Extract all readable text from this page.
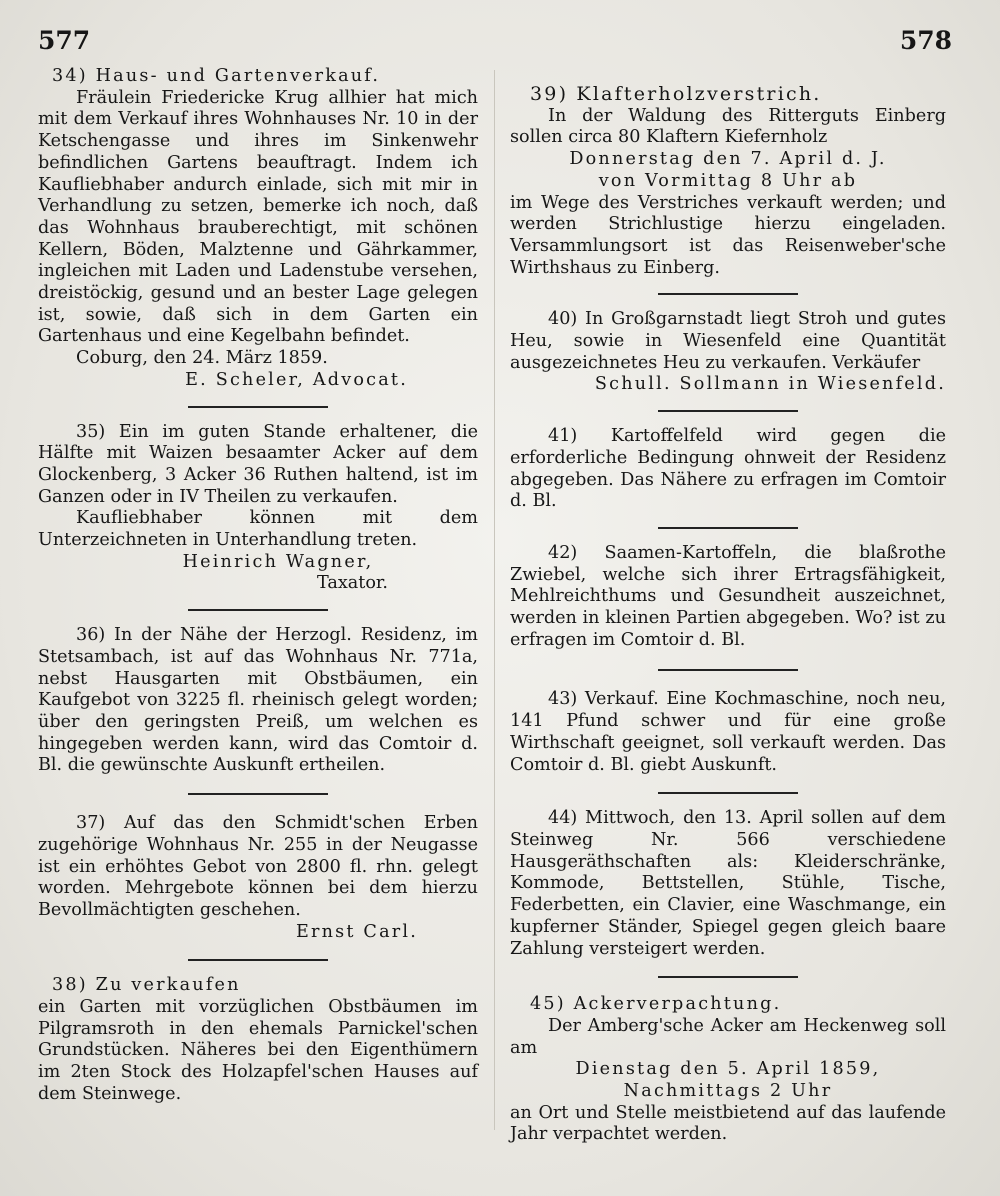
577	578

34) Haus- und Gartenverkauf.

Fräulein Friedericke Krug allhier hat mich mit dem Verkauf ihres Wohnhauses Nr. 10 in der Ketschengasse und ihres im Sinkenwehr befindlichen Gartens beauftragt. Indem ich Kaufliebhaber andurch einlade, sich mit mir in Verhandlung zu setzen, bemerke ich noch, daß das Wohnhaus brauberechtigt, mit schönen Kellern, Böden, Malztenne und Gährkammer, ingleichen mit Laden und Ladenstube versehen, dreistöckig, gesund und an bester Lage gelegen ist, sowie, daß sich in dem Garten ein Gartenhaus und eine Kegelbahn befindet.

Coburg, den 24. März 1859.

E. Scheler, Advocat.

35) Ein im guten Stande erhaltener, die Hälfte mit Waizen besaamter Acker auf dem Glockenberg, 3 Acker 36 Ruthen haltend, ist im Ganzen oder in IV Theilen zu verkaufen.

Kaufliebhaber können mit dem Unterzeichneten in Unterhandlung treten.

Heinrich Wagner,

Taxator.

36) In der Nähe der Herzogl. Residenz, im Stetsambach, ist auf das Wohnhaus Nr. 771a, nebst Hausgarten mit Obstbäumen, ein Kaufgebot von 3225 fl. rheinisch gelegt worden; über den geringsten Preiß, um welchen es hingegeben werden kann, wird das Comtoir d. Bl. die gewünschte Auskunft ertheilen.

37) Auf das den Schmidt'schen Erben zugehörige Wohnhaus Nr. 255 in der Neugasse ist ein erhöhtes Gebot von 2800 fl. rhn. gelegt worden. Mehrgebote können bei dem hierzu Bevollmächtigten geschehen.

Ernst Carl.

38) Zu verkaufen

ein Garten mit vorzüglichen Obstbäumen im Pilgramsroth in den ehemals Parnickel'schen Grundstücken. Näheres bei den Eigenthümern im 2ten Stock des Holzapfel'schen Hauses auf dem Steinwege.

39) Klafterholzverstrich.

In der Waldung des Ritterguts Einberg sollen circa 80 Klaftern Kiefernholz

Donnerstag den 7. April d. J.

von Vormittag 8 Uhr ab

im Wege des Verstriches verkauft werden; und werden Strichlustige hierzu eingeladen. Versammlungsort ist das Reisenweber'sche Wirthshaus zu Einberg.

40) In Großgarnstadt liegt Stroh und gutes Heu, sowie in Wiesenfeld eine Quantität ausgezeichnetes Heu zu verkaufen. Verkäufer

Schull. Sollmann in Wiesenfeld.

41) Kartoffelfeld wird gegen die erforderliche Bedingung ohnweit der Residenz abgegeben. Das Nähere zu erfragen im Comtoir d. Bl.

42) Saamen-Kartoffeln, die blaßrothe Zwiebel, welche sich ihrer Ertragsfähigkeit, Mehlreichthums und Gesundheit auszeichnet, werden in kleinen Partien abgegeben. Wo? ist zu erfragen im Comtoir d. Bl.

43) Verkauf. Eine Kochmaschine, noch neu, 141 Pfund schwer und für eine große Wirthschaft geeignet, soll verkauft werden. Das Comtoir d. Bl. giebt Auskunft.

44) Mittwoch, den 13. April sollen auf dem Steinweg Nr. 566 verschiedene Hausgeräthschaften als: Kleiderschränke, Kommode, Bettstellen, Stühle, Tische, Federbetten, ein Clavier, eine Waschmange, ein kupferner Ständer, Spiegel gegen gleich baare Zahlung versteigert werden.

45) Ackerverpachtung.

Der Amberg'sche Acker am Heckenweg soll am

Dienstag den 5. April 1859,

Nachmittags 2 Uhr

an Ort und Stelle meistbietend auf das laufende Jahr verpachtet werden.
